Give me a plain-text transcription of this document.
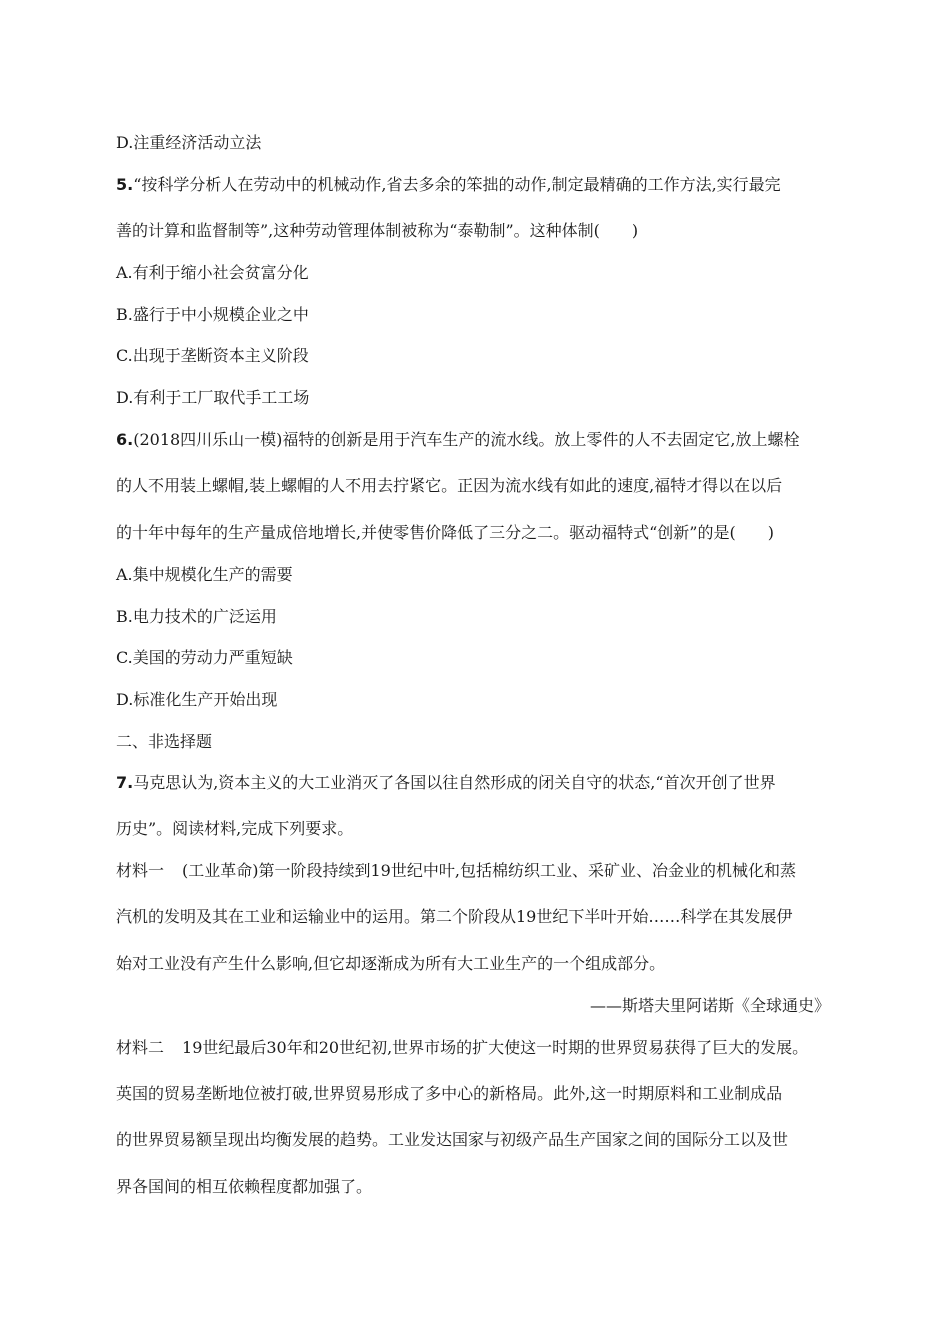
D.注重经济活动立法
5.“按科学分析人在劳动中的机械动作,省去多余的笨拙的动作,制定最精确的工作方法,实行最完
善的计算和监督制等”,这种劳动管理体制被称为“泰勒制”。这种体制(　　)
A.有利于缩小社会贫富分化
B.盛行于中小规模企业之中
C.出现于垄断资本主义阶段
D.有利于工厂取代手工工场
6.(2018四川乐山一模)福特的创新是用于汽车生产的流水线。放上零件的人不去固定它,放上螺栓
的人不用装上螺帽,装上螺帽的人不用去拧紧它。正因为流水线有如此的速度,福特才得以在以后
的十年中每年的生产量成倍地增长,并使零售价降低了三分之二。驱动福特式“创新”的是(　　)
A.集中规模化生产的需要
B.电力技术的广泛运用
C.美国的劳动力严重短缺
D.标准化生产开始出现
二、非选择题
7.马克思认为,资本主义的大工业消灭了各国以往自然形成的闭关自守的状态,“首次开创了世界
历史”。阅读材料,完成下列要求。
材料一 (工业革命)第一阶段持续到19世纪中叶,包括棉纺织工业、采矿业、冶金业的机械化和蒸
汽机的发明及其在工业和运输业中的运用。第二个阶段从19世纪下半叶开始……科学在其发展伊
始对工业没有产生什么影响,但它却逐渐成为所有大工业生产的一个组成部分。
——斯塔夫里阿诺斯《全球通史》
材料二 19世纪最后30年和20世纪初,世界市场的扩大使这一时期的世界贸易获得了巨大的发展。
英国的贸易垄断地位被打破,世界贸易形成了多中心的新格局。此外,这一时期原料和工业制成品
的世界贸易额呈现出均衡发展的趋势。工业发达国家与初级产品生产国家之间的国际分工以及世
界各国间的相互依赖程度都加强了。
